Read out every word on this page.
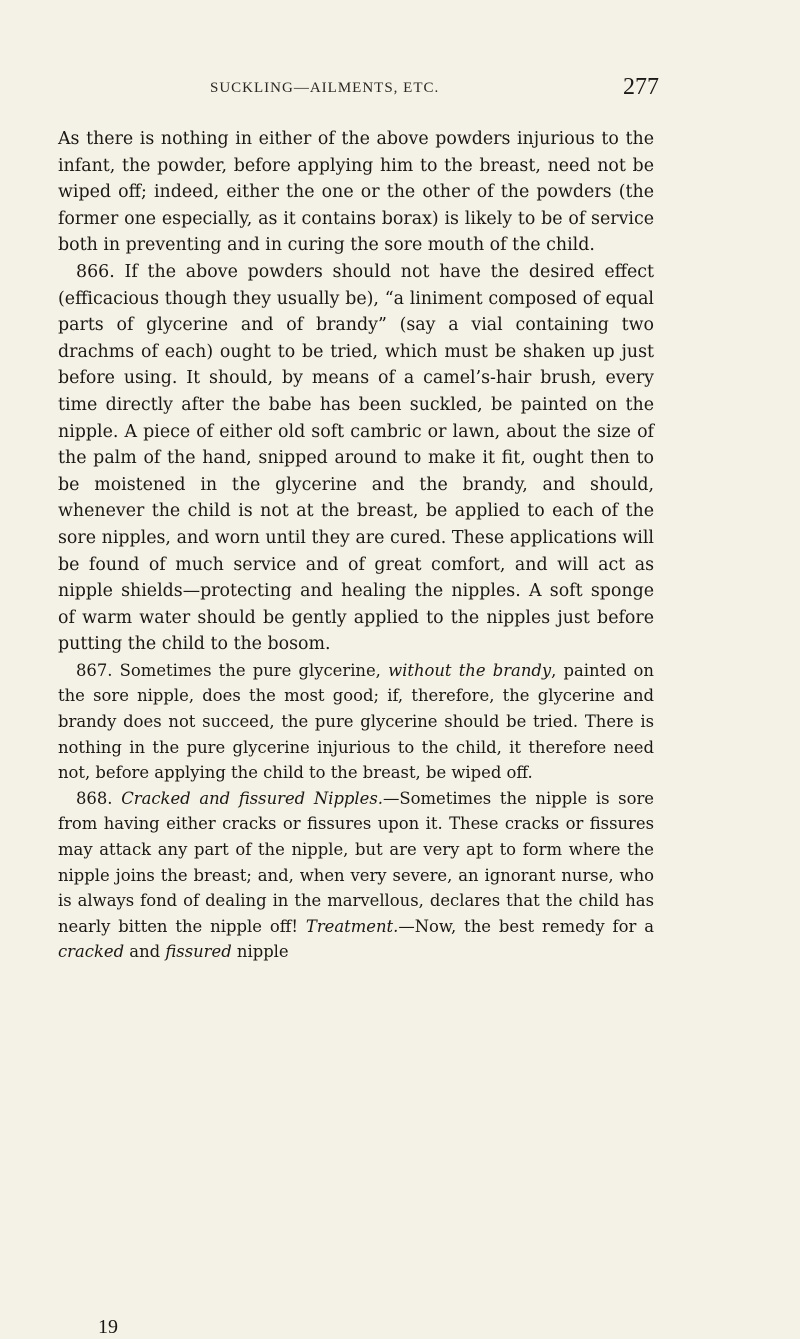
SUCKLING—AILMENTS, ETC.	277

As there is nothing in either of the above powders injurious to the infant, the powder, before applying him to the breast, need not be wiped off; indeed, either the one or the other of the powders (the former one especially, as it contains borax) is likely to be of service both in preventing and in curing the sore mouth of the child.

866. If the above powders should not have the desired effect (efficacious though they usually be), “a liniment composed of equal parts of glycerine and of brandy” (say a vial containing two drachms of each) ought to be tried, which must be shaken up just before using. It should, by means of a camel’s-hair brush, every time directly after the babe has been suckled, be painted on the nipple. A piece of either old soft cambric or lawn, about the size of the palm of the hand, snipped around to make it fit, ought then to be moistened in the glycerine and the brandy, and should, whenever the child is not at the breast, be applied to each of the sore nipples, and worn until they are cured. These applications will be found of much service and of great comfort, and will act as nipple shields—protecting and healing the nipples. A soft sponge of warm water should be gently applied to the nipples just before putting the child to the bosom.

867. Sometimes the pure glycerine, without the brandy, painted on the sore nipple, does the most good; if, therefore, the glycerine and brandy does not succeed, the pure glycerine should be tried. There is nothing in the pure glycerine injurious to the child, it therefore need not, before applying the child to the breast, be wiped off.

868. Cracked and fissured Nipples.—Sometimes the nipple is sore from having either cracks or fissures upon it. These cracks or fissures may attack any part of the nipple, but are very apt to form where the nipple joins the breast; and, when very severe, an ignorant nurse, who is always fond of dealing in the marvellous, declares that the child has nearly bitten the nipple off! Treatment.—Now, the best remedy for a cracked and fissured nipple

19
